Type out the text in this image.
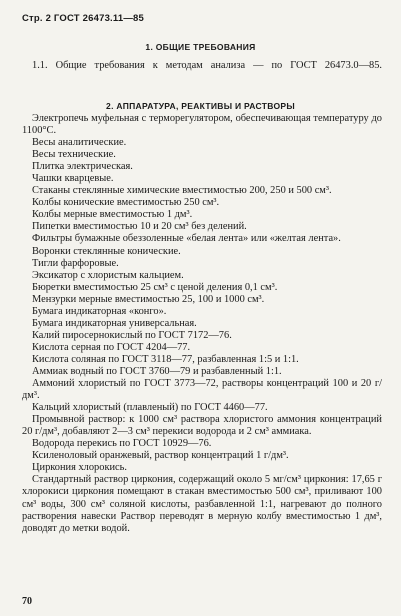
Стр. 2 ГОСТ 26473.11—85
1. ОБЩИЕ ТРЕБОВАНИЯ

1.1. Общие требования к методам анализа — по ГОСТ 26473.0—85.

2. АППАРАТУРА, РЕАКТИВЫ И РАСТВОРЫ

Электропечь муфельная с терморегулятором, обеспечивающая температуру до 1100°С.

Весы аналитические.

Весы технические.

Плитка электрическая.

Чашки кварцевые.

Стаканы стеклянные химические вместимостью 200, 250 и 500 см³.

Колбы конические вместимостью 250 см³.

Колбы мерные вместимостью 1 дм³.

Пипетки вместимостью 10 и 20 см³ без делений.

Фильтры бумажные обеззоленные «белая лента» или «желтая лента».

Воронки стеклянные конические.

Тигли фарфоровые.

Эксикатор с хлористым кальцием.

Бюретки вместимостью 25 см³ с ценой деления 0,1 см³.

Мензурки мерные вместимостью 25, 100 и 1000 см³.

Бумага индикаторная «конго».

Бумага индикаторная универсальная.

Калий пиросернокислый по ГОСТ 7172—76.

Кислота серная по ГОСТ 4204—77.

Кислота соляная по ГОСТ 3118—77, разбавленная 1:5 и 1:1.

Аммиак водный по ГОСТ 3760—79 и разбавленный 1:1.

Аммоний хлористый по ГОСТ 3773—72, растворы концентраций 100 и 20 г/дм³.

Кальций хлористый (плавленый) по ГОСТ 4460—77.

Промывной раствор: к 1000 см³ раствора хлористого аммония концентраций 20 г/дм³, добавляют 2—3 см³ перекиси водорода и 2 см³ аммиака.

Водорода перекись по ГОСТ 10929—76.

Ксиленоловый оранжевый, раствор концентраций 1 г/дм³.

Циркония хлорокись.

Стандартный раствор циркония, содержащий около 5 мг/см³ циркония: 17,65 г хлорокиси циркония помещают в стакан вместимостью 500 см³, приливают 100 см³ воды, 300 см³ соляной кислоты, разбавленной 1:1, нагревают до полного растворения навески Раствор переводят в мерную колбу вместимостью 1 дм³, доводят до метки водой.

70
